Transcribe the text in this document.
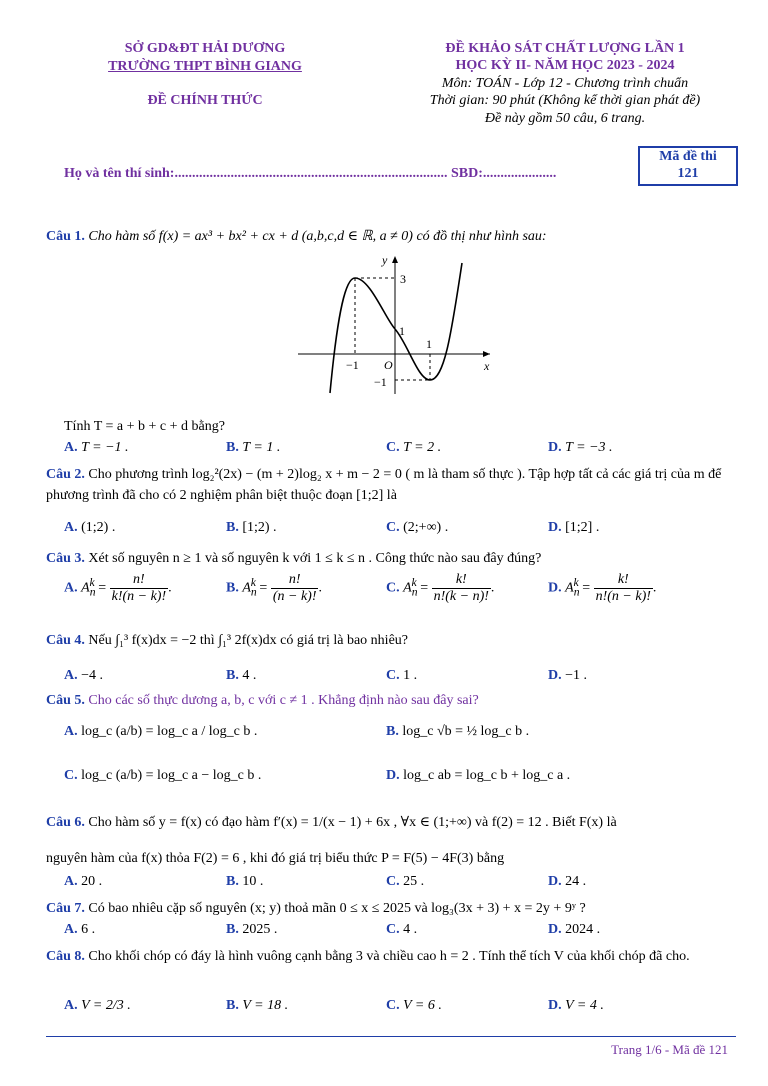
SỞ GD&ĐT HẢI DƯƠNG
TRƯỜNG THPT BÌNH GIANG
ĐỀ CHÍNH THỨC
ĐỀ KHẢO SÁT CHẤT LƯỢNG LẦN 1
HỌC KỲ II- NĂM HỌC 2023 - 2024
Môn: TOÁN - Lớp 12 - Chương trình chuẩn
Thời gian: 90 phút (Không kể thời gian phát đề)
Đề này gồm 50 câu, 6 trang.
Họ và tên thí sinh:.............................................................................. SBD:.....................
Mã đề thi
121
Câu 1. Cho hàm số f(x) = ax³ + bx² + cx + d (a,b,c,d ∈ ℝ, a ≠ 0) có đồ thị như hình sau:
y
x
3
1
−1 O
1
−1
Tính T = a + b + c + d bằng?
A. T = −1 .	B. T = 1 .	C. T = 2 .	D. T = −3 .
Câu 2. Cho phương trình log₂²(2x) − (m + 2)log₂ x + m − 2 = 0 ( m là tham số thực ). Tập hợp tất cả các giá trị của m để phương trình đã cho có 2 nghiệm phân biệt thuộc đoạn [1;2] là
A. (1;2) .	B. [1;2) .	C. (2;+∞) .	D. [1;2] .
Câu 3. Xét số nguyên n ≥ 1 và số nguyên k với 1 ≤ k ≤ n . Công thức nào sau đây đúng?
A. $A_n^k = \frac{n!}{k!(n - k)!}$ .	B. $A_n^k = \frac{n!}{(n - k)!}$ .	C. $A_n^k = \frac{k!}{n!(k - n)!}$ .	D. $A_n^k = \frac{k!}{n!(n - k)!}$ .
Câu 4. Nếu ∫₁³ f(x)dx = −2 thì ∫₁³ 2f(x)dx có giá trị là bao nhiêu?
A. −4 .	B. 4 .	C. 1 .	D. −1 .
Câu 5. Cho các số thực dương a, b, c với c ≠ 1 . Khẳng định nào sau đây sai?
A. log_c (a/b) = log_c a / log_c b .	B. log_c √b = ½ log_c b .
C. log_c (a/b) = log_c a − log_c b .	D. log_c ab = log_c b + log_c a .
Câu 6. Cho hàm số y = f(x) có đạo hàm f′(x) = 1/(x − 1) + 6x , ∀x ∈ (1;+∞) và f(2) = 12 . Biết F(x) là
nguyên hàm của f(x) thỏa F(2) = 6 , khi đó giá trị biểu thức P = F(5) − 4F(3) bằng
A. 20 .	B. 10 .	C. 25 .	D. 24 .
Câu 7. Có bao nhiêu cặp số nguyên (x; y) thoả mãn 0 ≤ x ≤ 2025 và log₃(3x + 3) + x = 2y + 9ʸ ?
A. 6 .	B. 2025 .	C. 4 .	D. 2024 .
Câu 8. Cho khối chóp có đáy là hình vuông cạnh bằng 3 và chiều cao h = 2 . Tính thể tích V của khối chóp đã cho.
A. V = 2/3 .	B. V = 18 .	C. V = 6 .	D. V = 4 .
Trang 1/6 - Mã đề 121
